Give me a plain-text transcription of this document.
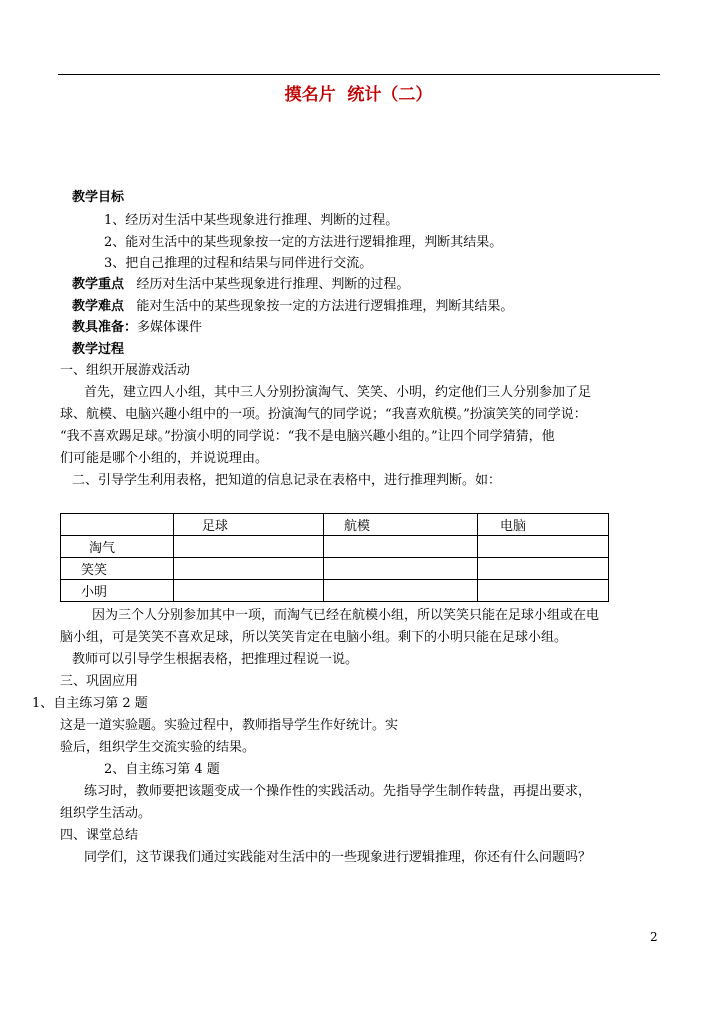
摸名片  统计（二）
教学目标
1、经历对生活中某些现象进行推理、判断的过程。
2、能对生活中的某些现象按一定的方法进行逻辑推理，判断其结果。
3、把自己推理的过程和结果与同伴进行交流。
教学重点 经历对生活中某些现象进行推理、判断的过程。
教学难点 能对生活中的某些现象按一定的方法进行逻辑推理，判断其结果。
教具准备：多媒体课件
教学过程
一、组织开展游戏活动
首先，建立四人小组，其中三人分别扮演淘气、笑笑、小明，约定他们三人分别参加了足
球、航模、电脑兴趣小组中的一项。扮演淘气的同学说；“我喜欢航模。”扮演笑笑的同学说：
“我不喜欢踢足球。”扮演小明的同学说：“我不是电脑兴趣小组的。”让四个同学猜猜，他
们可能是哪个小组的，并说说理由。
二、引导学生利用表格，把知道的信息记录在表格中，进行推理判断。如：
	足球	航模	电脑
淘气			
笑笑			
小明			
因为三个人分别参加其中一项，而淘气已经在航模小组，所以笑笑只能在足球小组或在电
脑小组，可是笑笑不喜欢足球，所以笑笑肯定在电脑小组。剩下的小明只能在足球小组。
教师可以引导学生根据表格，把推理过程说一说。
三、巩固应用
1、自主练习第 2 题
这是一道实验题。实验过程中，教师指导学生作好统计。实
验后，组织学生交流实验的结果。
2、自主练习第 4 题
练习时，教师要把该题变成一个操作性的实践活动。先指导学生制作转盘，再提出要求，
组织学生活动。
四、课堂总结
同学们，这节课我们通过实践能对生活中的一些现象进行逻辑推理，你还有什么问题吗？
2
